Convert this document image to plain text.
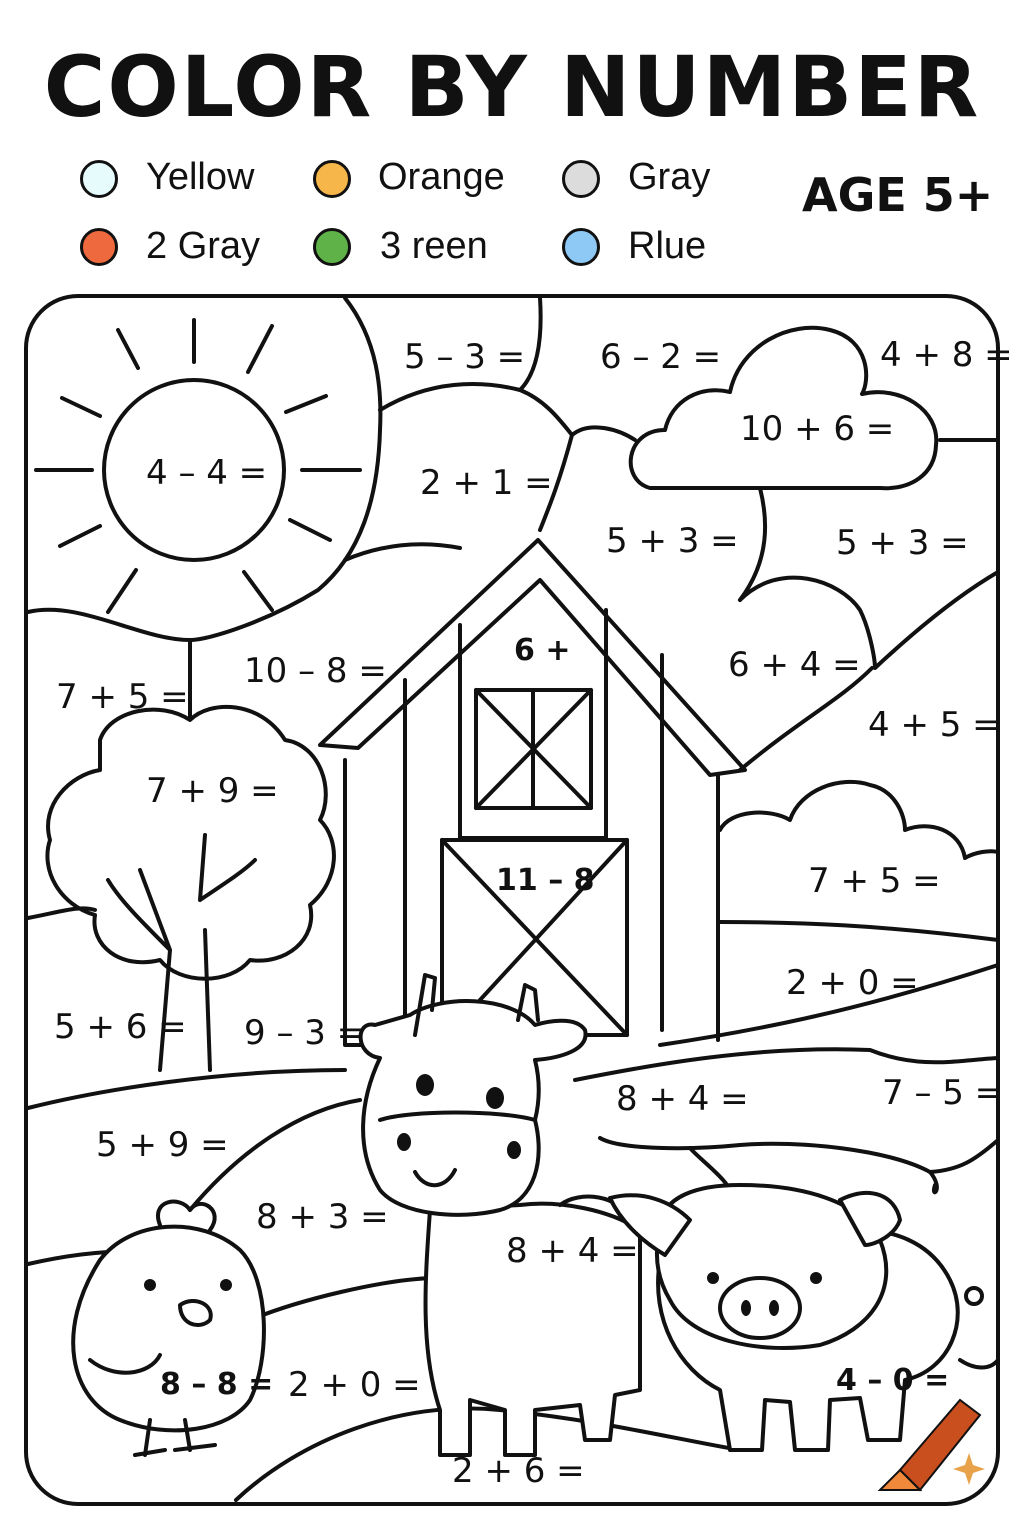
COLOR BY NUMBER
Yellow	Orange	Gray
2 Gray	3 reen	Rlue
AGE 5+
5 – 3 = 6 – 2 =	4 + 8 =
4 – 4 =
10 + 6 =
2 + 1 =
5 + 3 =	5 + 3 =
6 +
10 – 8 =	6 + 4 =
7 + 5 =
4 + 5 =
7 + 9 =
11 – 8	7 + 5 =
2 + 0 =
5 + 6 = 9 – 3 =
8 + 4 =	7 – 5 =
5 + 9 =
8 + 3 =
8 + 4 =
8 – 8 = 2 + 0 =	4 – 0 =
2 + 6 =
